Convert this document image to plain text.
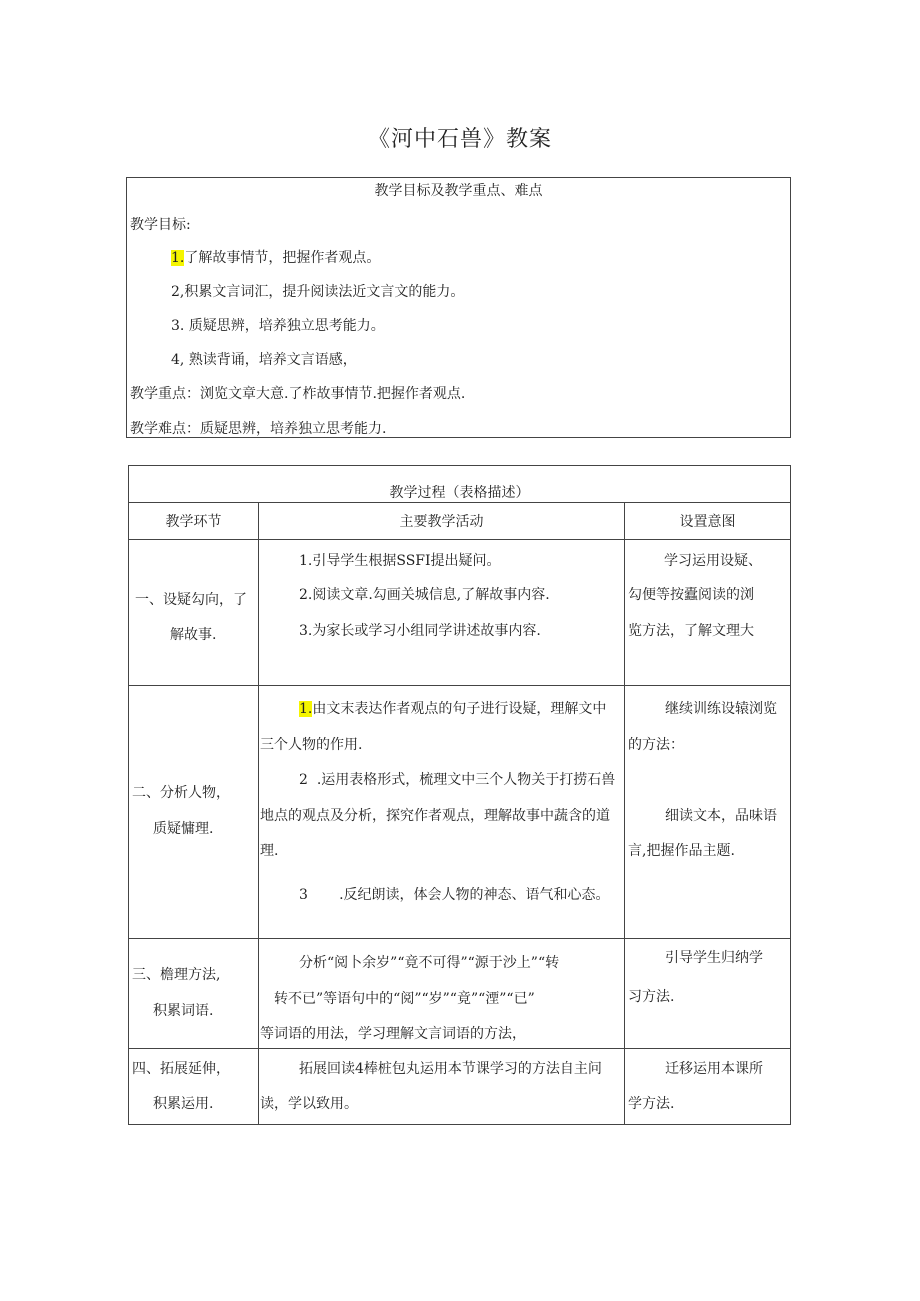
《河中石兽》教案
教学目标及教学重点、难点
教学目标:
1.了解故事情节，把握作者观点。
2,积累文言词汇，提升阅读法近文言文的能力。
3. 质疑思辨，培养独立思考能力。
4, 熟读背诵，培养文言语感，
教学重点：浏览文章大意.了柞故事情节.把握作者观点.
教学难点：质疑思辨，培养独立思考能力.
教学过程（表格描述）
教学环节	主要教学活动	设置意图
一、设疑勾向，了
解故事.
1.引导学生根据SSFI提出疑问。
2.阅读文章.勾画关城信息,了解故事内容.
3.为家长或学习小组同学讲述故事内容.
学习运用设疑、
勾便等按蠹阅读的浏
览方法，了解文理大
二、分析人物，
质疑慵理.
1.由文末表达作者观点的句子进行设疑，理解文中
三个人物的作用.
2 .运用表格形式，梳理文中三个人物关于打捞石兽
地点的观点及分析，探究作者观点，理解故事中蔬含的道
理.
3 .反纪朗读，体会人物的神态、语气和心态。
继续训练设辕浏览
的方法：
细读文本，品味语
言,把握作品主题.
三、檐理方法,
积累词语.
分析“阅卜余岁”“竟不可得”“源于沙上”“转
转不已”等语句中的“阅”“岁”“竟”“湮”“已”
等词语的用法，学习理解文言词语的方法，
引导学生归纳学
习方法.
四、拓展延伸，
积累运用.
拓展回读4棒桩包丸运用本节课学习的方法自主问
读，学以致用。
迁移运用本课所
学方法.
